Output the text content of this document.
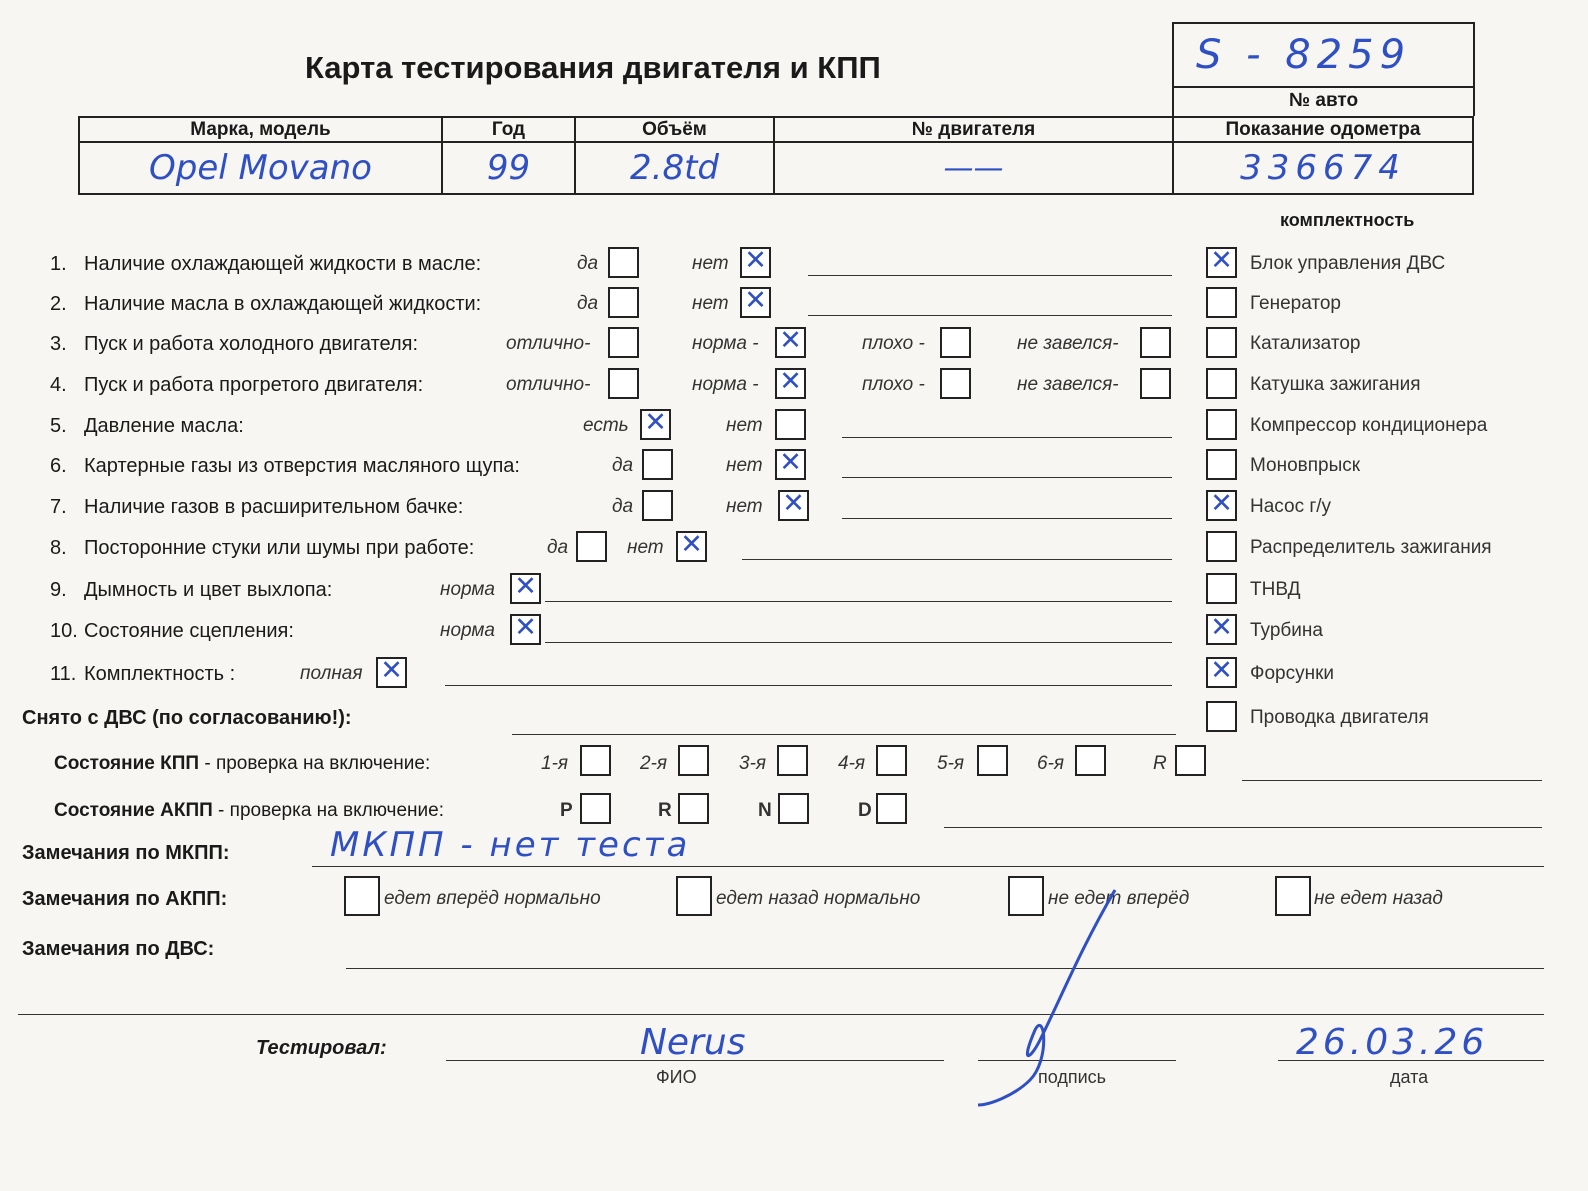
Карта тестирования двигателя и КПП	S - 8259
№ авто
Марка, модель	Год	Объём	№ двигателя	Показание одометра
Opel Movano	99	2.8td	——	336674
комплектность
1. Наличие охлаждающей жидкости в масле:	да	нет ✕
2. Наличие масла в охлаждающей жидкости:	да	нет ✕
3. Пуск и работа холодного двигателя:	отлично-	норма - ✕	плохо -	не завелся-
4. Пуск и работа прогретого двигателя:	отлично-	норма - ✕	плохо -	не завелся-
5. Давление масла:	есть ✕	нет
6. Картерные газы из отверстия масляного щупа:	да	нет ✕
7. Наличие газов в расширительном бачке:	да	нет ✕
8. Посторонние стуки или шумы при работе:	да	нет ✕
9. Дымность и цвет выхлопа:	норма ✕
10. Состояние сцепления:	норма ✕
11. Комплектность :	полная ✕
✕ Блок управления ДВС
Генератор
Катализатор
Катушка зажигания
Компрессор кондиционера
Моновпрыск
✕ Насос г/у
Распределитель зажигания
ТНВД
✕ Турбина
✕ Форсунки
Проводка двигателя
Снято с ДВС (по согласованию!):
Состояние КПП - проверка на включение:	1-я	2-я	3-я	4-я	5-я	6-я	R
Состояние АКПП - проверка на включение:	P	R	N	D
Замечания по МКПП:	МКПП - нет теста
Замечания по АКПП:	едет вперёд нормально	едет назад нормально	не едет вперёд	не едет назад
Замечания по ДВС:
Тестировал:	Nerus
ФИО	подпись
26.03.26
дата
